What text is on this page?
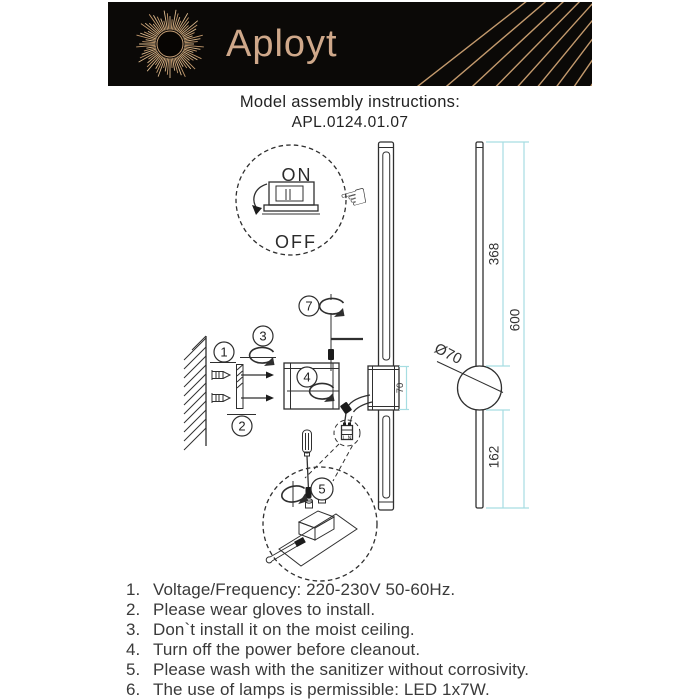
Aployt
Model assembly instructions:
APL.0124.01.07
ON
OFF
☜
L N
Ø70
368
600
162
70
1
2
3
4
5
7
1. Voltage/Frequency: 220-230V 50-60Hz.
2. Please wear gloves to install.
3. Don`t install it on the moist ceiling.
4. Turn off the power before cleanout.
5. Please wash with the sanitizer without corrosivity.
6. The use of lamps is permissible: LED 1x7W.
